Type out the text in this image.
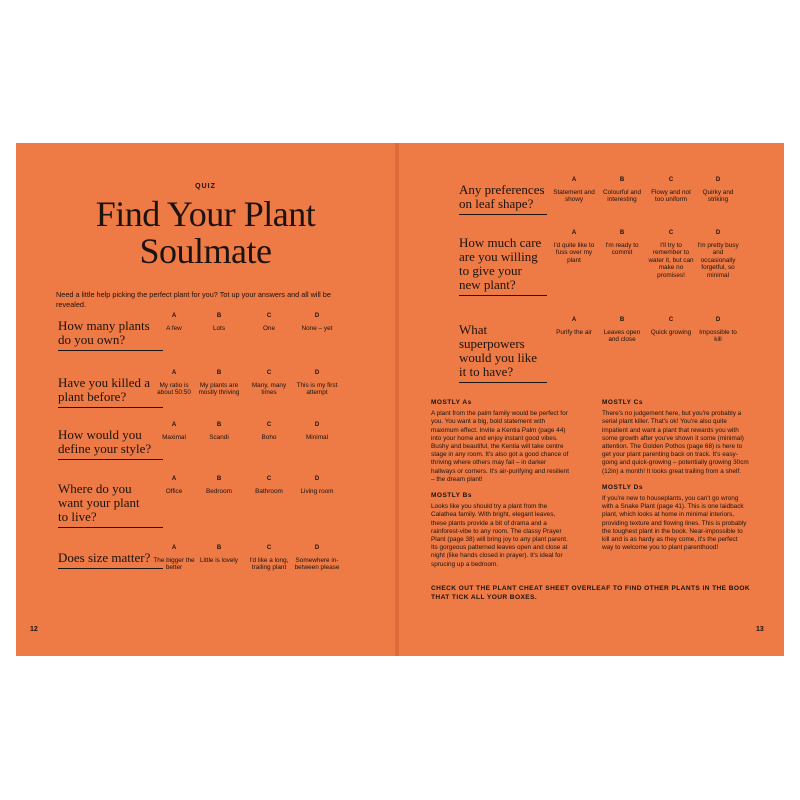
QUIZ
Find Your Plant
Soulmate
Need a little help picking the perfect plant for you? Tot up your answers and all will be revealed.
How many plants
do you own?
A
A few
B
Lots
C
One
D
None – yet
Have you killed a
plant before?
A
My ratio is about 50:50
B
My plants are mostly thriving
C
Many, many times
D
This is my first attempt
How would you
define your style?
A
Maximal
B
Scandi
C
Boho
D
Minimal
Where do you
want your plant
to live?
A
Office
B
Bedroom
C
Bathroom
D
Living room
Does size matter?
A
The bigger the better
B
Little is lovely
C
I'd like a long, trailing plant
D
Somewhere in-between please
12
Any preferences
on leaf shape?
A
Statement and showy
B
Colourful and interesting
C
Flowy and not too uniform
D
Quirky and striking
How much care
are you willing
to give your
new plant?
A
I'd quite like to fuss over my plant
B
I'm ready to commit
C
I'll try to remember to water it, but can make no promises!
D
I'm pretty busy and occasionally forgetful, so minimal
What
superpowers
would you like
it to have?
A
Purify the air
B
Leaves open and close
C
Quick growing
D
Impossible to kill
MOSTLY As

A plant from the palm family would be perfect for you. You want a big, bold statement with maximum effect. Invite a Kentia Palm (page 44) into your home and enjoy instant good vibes. Bushy and beautiful, the Kentia will take centre stage in any room. It's also got a good chance of thriving where others may fail – in darker hallways or corners. It's air-purifying and resilient – the dream plant!

MOSTLY Bs

Looks like you should try a plant from the Calathea family. With bright, elegant leaves, these plants provide a bit of drama and a rainforest-vibe to any room. The classy Prayer Plant (page 38) will bring joy to any plant parent. Its gorgeous patterned leaves open and close at night (like hands closed in prayer). It's ideal for sprucing up a bedroom.

MOSTLY Cs

There's no judgement here, but you're probably a serial plant killer. That's ok! You're also quite impatient and want a plant that rewards you with some growth after you've shown it some (minimal) attention. The Golden Pothos (page 68) is here to get your plant parenting back on track. It's easy-going and quick-growing – potentially growing 30cm (12in) a month! It looks great trailing from a shelf.

MOSTLY Ds

If you're new to houseplants, you can't go wrong with a Snake Plant (page 41). This is one laidback plant, which looks at home in minimal interiors, providing texture and flowing lines. This is probably the toughest plant in the book. Near-impossible to kill and is as hardy as they come, it's the perfect way to welcome you to plant parenthood!

CHECK OUT THE PLANT CHEAT SHEET OVERLEAF TO FIND OTHER PLANTS IN THE BOOK THAT TICK ALL YOUR BOXES.
13
